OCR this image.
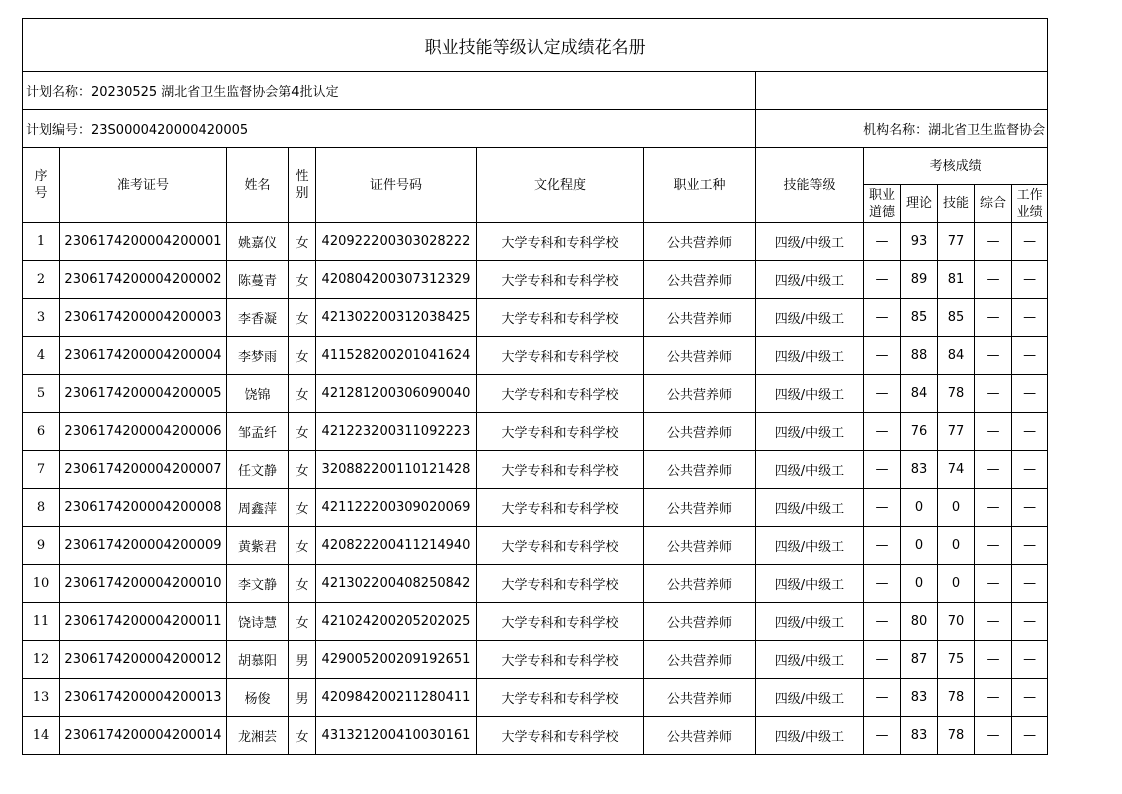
职业技能等级认定成绩花名册												
计划名称：20230525 湖北省卫生监督协会第4批认定												
计划编号：23S0000420000420005							机构名称：湖北省卫生监督协会					

序号	准考证号	姓名	性别	证件号码	文化程度	职业工种	技能等级	考核成绩				

								职业道德	理论	技能	综合	工作业绩

1	2306174200004200001	姚嘉仪	女	420922200303028222	大学专科和专科学校	公共营养师	四级/中级工	—	93	77	—	—
2	2306174200004200002	陈蔓青	女	420804200307312329	大学专科和专科学校	公共营养师	四级/中级工	—	89	81	—	—
3	2306174200004200003	李香凝	女	421302200312038425	大学专科和专科学校	公共营养师	四级/中级工	—	85	85	—	—
4	2306174200004200004	李梦雨	女	411528200201041624	大学专科和专科学校	公共营养师	四级/中级工	—	88	84	—	—
5	2306174200004200005	饶锦	女	421281200306090040	大学专科和专科学校	公共营养师	四级/中级工	—	84	78	—	—
6	2306174200004200006	邹孟纤	女	421223200311092223	大学专科和专科学校	公共营养师	四级/中级工	—	76	77	—	—
7	2306174200004200007	任文静	女	320882200110121428	大学专科和专科学校	公共营养师	四级/中级工	—	83	74	—	—
8	2306174200004200008	周鑫萍	女	421122200309020069	大学专科和专科学校	公共营养师	四级/中级工	—	0	0	—	—
9	2306174200004200009	黄紫君	女	420822200411214940	大学专科和专科学校	公共营养师	四级/中级工	—	0	0	—	—
10	2306174200004200010	李文静	女	421302200408250842	大学专科和专科学校	公共营养师	四级/中级工	—	0	0	—	—
11	2306174200004200011	饶诗慧	女	421024200205202025	大学专科和专科学校	公共营养师	四级/中级工	—	80	70	—	—
12	2306174200004200012	胡慕阳	男	429005200209192651	大学专科和专科学校	公共营养师	四级/中级工	—	87	75	—	—
13	2306174200004200013	杨俊	男	420984200211280411	大学专科和专科学校	公共营养师	四级/中级工	—	83	78	—	—
14	2306174200004200014	龙湘芸	女	431321200410030161	大学专科和专科学校	公共营养师	四级/中级工	—	83	78	—	—
